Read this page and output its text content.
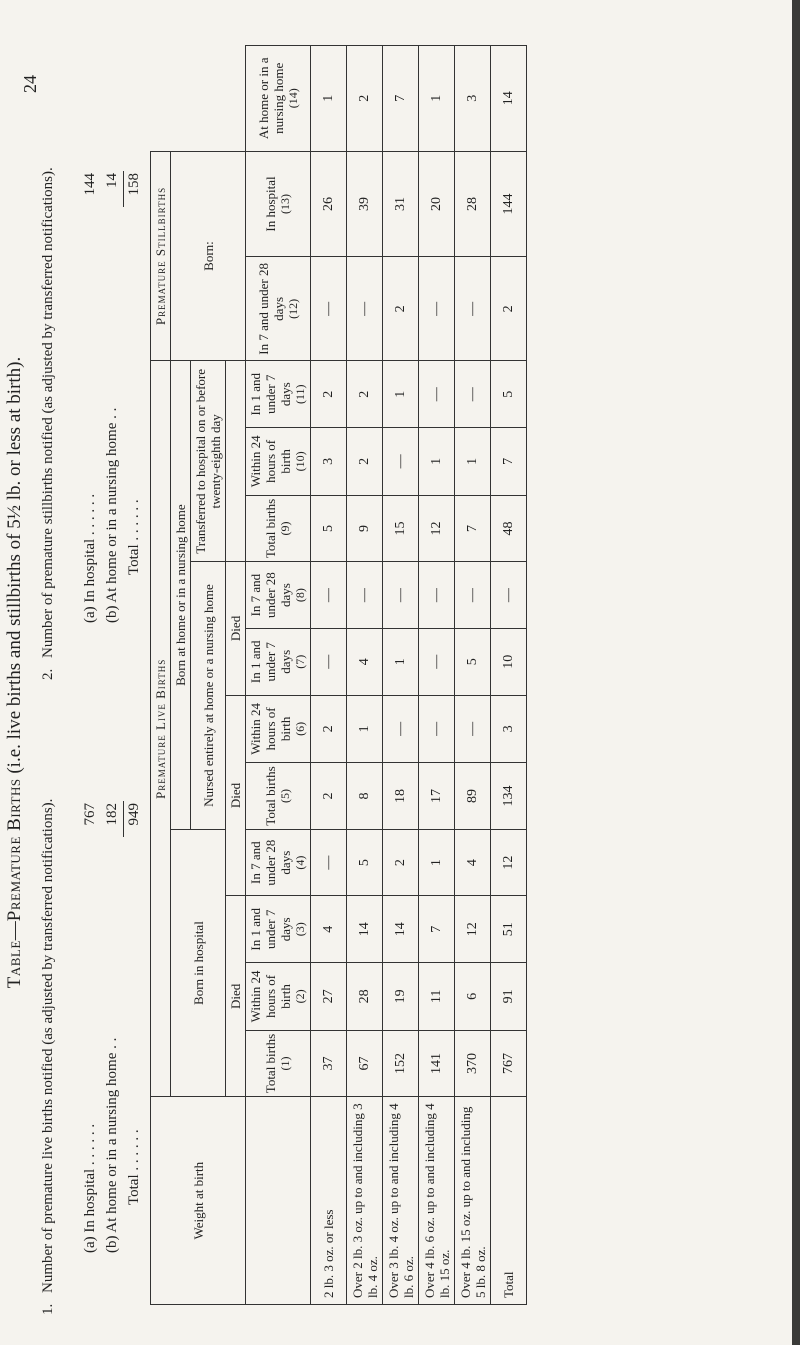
Table—Premature Births (i.e. live births and stillbirths of 5½ lb. or less at birth).
1.
Number of premature live births notified (as adjusted by transferred notifications). (a) In hospital . . . . . .
767
(b) At home or in a nursing home . .
182
Total . . . . . .
949
2.
Number of premature stillbirths notified (as adjusted by transferred notifications). (a) In hospital . . . . . .
144
(b) At home or in a nursing home . .
14
Total . . . . . .
158
Weight at birth	Premature Live Births											Premature Stillbirths		
	Born in hospital				Born at home or in a nursing home							Born:		
					Nursed entirely at home or a nursing home				Transferred to hospital on or before twenty-eighth day					
	Died			Died			Died							
	Total births (1)	Within 24 hours of birth (2)	In 1 and under 7 days (3)	In 7 and under 28 days (4)	Total births (5)	Within 24 hours of birth (6)	In 1 and under 7 days (7)	In 7 and under 28 days (8)	Total births (9)	Within 24 hours of birth (10)	In 1 and under 7 days (11)	In 7 and under 28 days (12)	In hospital (13)	At home or in a nursing home (14)

2 lb. 3 oz. or less	37	27	4	—	2	2	—	—	5	3	2	—	26	1
Over 2 lb. 3 oz. up to and including 3 lb. 4 oz.	67	28	14	5	8	1	4	—	9	2	2	—	39	2
Over 3 lb. 4 oz. up to and including 4 lb. 6 oz.	152	19	14	2	18	—	1	—	15	—	1	2	31	7
Over 4 lb. 6 oz. up to and including 4 lb. 15 oz.	141	11	7	1	17	—	—	—	12	1	—	—	20	1
Over 4 lb. 15 oz. up to and including 5 lb. 8 oz.	370	6	12	4	89	—	5	—	7	1	—	—	28	3
Total	767	91	51	12	134	3	10	—	48	7	5	2	144	14
24
